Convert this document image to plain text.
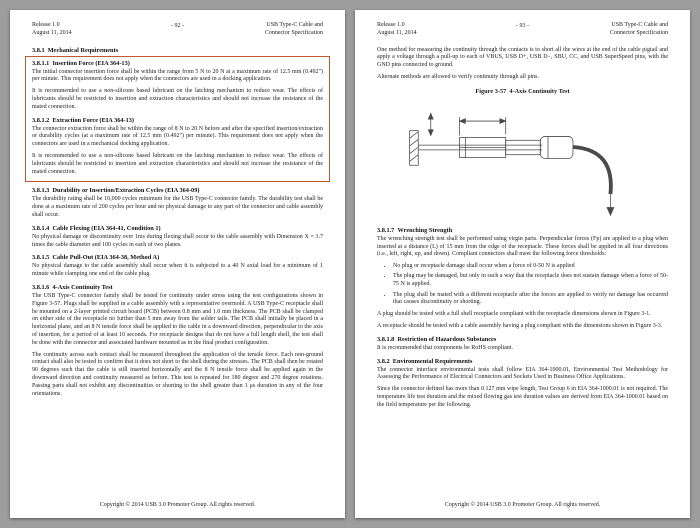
Release 1.0
August 11, 2014
- 92 -	USB Type-C Cable and
Connector Specification
3.8.1  Mechanical Requirements
3.8.1.1  Insertion Force (EIA 364-13)

The initial connector insertion force shall be within the range from 5 N to 20 N at a maximum rate of 12.5 mm (0.492") per minute. This requirement does not apply when the connectors are used in a docking application.

It is recommended to use a non-silicone based lubricant on the latching mechanism to reduce wear. The effects of lubricants should be restricted to insertion and extraction characteristics and should not increase the resistance of the mated connection.

3.8.1.2  Extraction Force (EIA 364-13)

The connector extraction force shall be within the range of 8 N to 20 N before and after the specified insertion/extraction or durability cycles (at a maximum rate of 12.5 mm (0.492") per minute). This requirement does not apply when the connectors are used in a mechanical docking application.

It is recommended to use a non-silicone based lubricant on the latching mechanism to reduce wear. The effects of lubricants should be restricted to insertion and extraction characteristics and should not increase the resistance of the mated connection.

3.8.1.3  Durability or Insertion/Extraction Cycles (EIA 364-09)

The durability rating shall be 10,000 cycles minimum for the USB Type-C connector family. The durability test shall be done at a maximum rate of 200 cycles per hour and no physical damage to any part of the connector and cable assembly shall occur.

3.8.1.4  Cable Flexing (EIA 364-41, Condition 1)

No physical damage or discontinuity over 1ms during flexing shall occur to the cable assembly with Dimension X = 3.7 times the cable diameter and 100 cycles in each of two planes.

3.8.1.5  Cable Pull-Out (EIA 364-38, Method A)

No physical damage to the cable assembly shall occur when it is subjected to a 40 N axial load for a minimum of 1 minute while clamping one end of the cable plug.

3.8.1.6  4-Axis Continuity Test

The USB Type-C connector family shall be tested for continuity under stress using the test configurations shown in Figure 3-57. Plugs shall be supplied in a cable assembly with a representative overmold. A USB Type-C receptacle shall be mounted on a 2-layer printed circuit board (PCB) between 0.8 mm and 1.0 mm thickness. The PCB shall be clamped on either side of the receptacle no further than 5 mm away from the solder tails. The PCB shall initially be placed in a horizontal plane, and an 8 N tensile force shall be applied to the cable in a downward direction, perpendicular to the axis of insertion, for a period of at least 10 seconds. For receptacle designs that do not have a full length shell, the test shall be done with the connector and associated hardware mounted as in the final product configuration.

The continuity across each contact shall be measured throughout the application of the tensile force. Each non-ground contact shall also be tested to confirm that it does not short to the shell during the stresses. The PCB shall then be rotated 90 degrees such that the cable is still inserted horizontally and the 8 N tensile force shall be applied again in the downward direction and continuity measured as before. This test is repeated for 180 degree and 270 degree rotations. Passing parts shall not exhibit any discontinuities or shorting to the shell greater than 1 μs duration in any of the four orientations.

Copyright © 2014 USB 3.0 Promoter Group. All rights reserved.
Release 1.0
August 11, 2014
- 93 -	USB Type-C Cable and
Connector Specification

One method for measuring the continuity through the contacts is to short all the wires at the end of the cable pigtail and apply a voltage through a pull-up to each of VBUS, USB D+, USB D−, SBU, CC, and USB SuperSpeed pins, with the GND pins connected to ground.

Alternate methods are allowed to verify continuity through all pins.

Figure 3-57  4-Axis Continuity Test
3.8.1.7  Wrenching Strength

The wrenching strength test shall be performed using virgin parts. Perpendicular forces (Fp) are applied to a plug when inserted at a distance (L) of 15 mm from the edge of the receptacle. These forces shall be applied in all four directions (i.e., left, right, up, and down). Compliant connectors shall meet the following force thresholds:

• No plug or receptacle damage shall occur when a force of 0-50 N is applied
• The plug may be damaged, but only in such a way that the receptacle does not sustain damage when a force of 50-75 N is applied.
• The plug shall be mated with a different receptacle after the forces are applied to verify no damage has occurred that causes discontinuity or shorting.

A plug should be tested with a full shell receptacle compliant with the receptacle dimensions shown in Figure 3-1.

A receptacle should be tested with a cable assembly having a plug compliant with the dimensions shown in Figure 3-3.

3.8.1.8  Restriction of Hazardous Substances

It is recommended that components be RoHS compliant.

3.8.2  Environmental Requirements

The connector interface environmental tests shall follow EIA 364-1000.01, Environmental Test Methodology for Assessing the Performance of Electrical Connectors and Sockets Used in Business Office Applications.

Since the connector defined has more than 0.127 mm wipe length, Test Group 6 in EIA 364-1000.01 is not required. The temperature life test duration and the mixed flowing gas test duration values are derived from EIA 364-1000.01 based on the field temperature per the following.

Copyright © 2014 USB 3.0 Promoter Group. All rights reserved.
